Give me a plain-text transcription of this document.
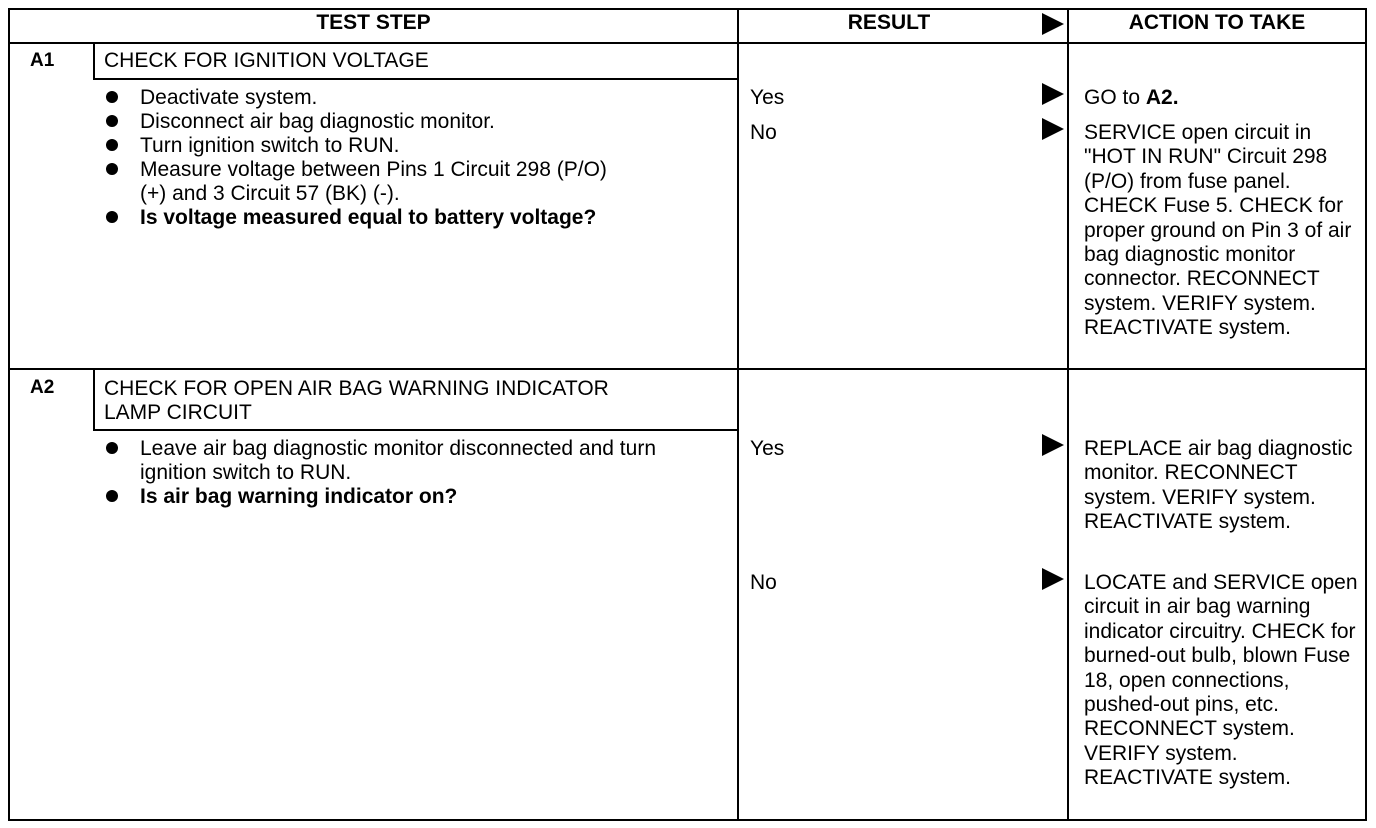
TEST STEP	RESULT	ACTION TO TAKE
A1 CHECK FOR IGNITION VOLTAGE
Deactivate system.
Disconnect air bag diagnostic monitor.
Turn ignition switch to RUN.
Measure voltage between Pins 1 Circuit 298 (P/O)(+) and 3 Circuit 57 (BK) (-).
Is voltage measured equal to battery voltage?
Yes	GO to A2.
No	SERVICE open circuit in "HOT IN RUN" Circuit 298 (P/O) from fuse panel. CHECK Fuse 5. CHECK for proper ground on Pin 3 of air bag diagnostic monitor connector. RECONNECT system. VERIFY system. REACTIVATE system.
A2 CHECK FOR OPEN AIR BAG WARNING INDICATOR LAMP CIRCUIT
Leave air bag diagnostic monitor disconnected and turn ignition switch to RUN.
Is air bag warning indicator on?
Yes	REPLACE air bag diagnostic monitor. RECONNECT system. VERIFY system. REACTIVATE system.
No	LOCATE and SERVICE open circuit in air bag warning indicator circuitry. CHECK for burned-out bulb, blown Fuse 18, open connections, pushed-out pins, etc. RECONNECT system. VERIFY system. REACTIVATE system.
